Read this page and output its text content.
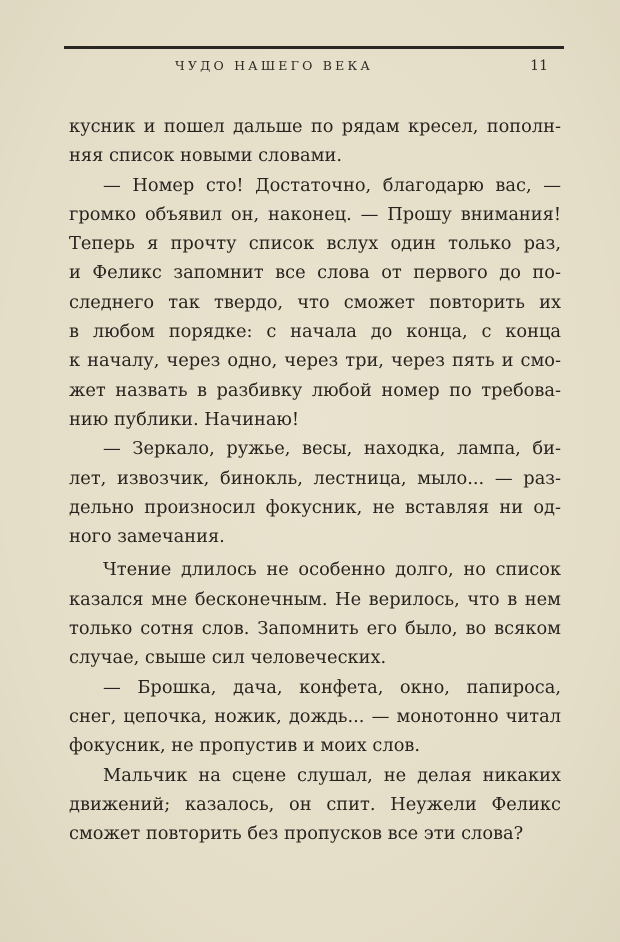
ЧУДО НАШЕГО ВЕКА	11

кусник и пошел дальше по рядам кресел, пополн-
няя список новыми словами.

— Номер сто! Достаточно, благодарю вас, —
громко объявил он, наконец. — Прошу внимания!
Теперь я прочту список вслух один только раз,
и Феликс запомнит все слова от первого до по-
следнего так твердо, что сможет повторить их
в любом порядке: с начала до конца, с конца
к началу, через одно, через три, через пять и смо-
жет назвать в разбивку любой номер по требова-
нию публики. Начинаю!

— Зеркало, ружье, весы, находка, лампа, би-
лет, извозчик, бинокль, лестница, мыло... — раз-
дельно произносил фокусник, не вставляя ни од-
ного замечания.

Чтение длилось не особенно долго, но список
казался мне бесконечным. Не верилось, что в нем
только сотня слов. Запомнить его было, во всяком
случае, свыше сил человеческих.

— Брошка, дача, конфета, окно, папироса,
снег, цепочка, ножик, дождь... — монотонно читал
фокусник, не пропустив и моих слов.

Мальчик на сцене слушал, не делая никаких
движений; казалось, он спит. Неужели Феликс
сможет повторить без пропусков все эти слова?
